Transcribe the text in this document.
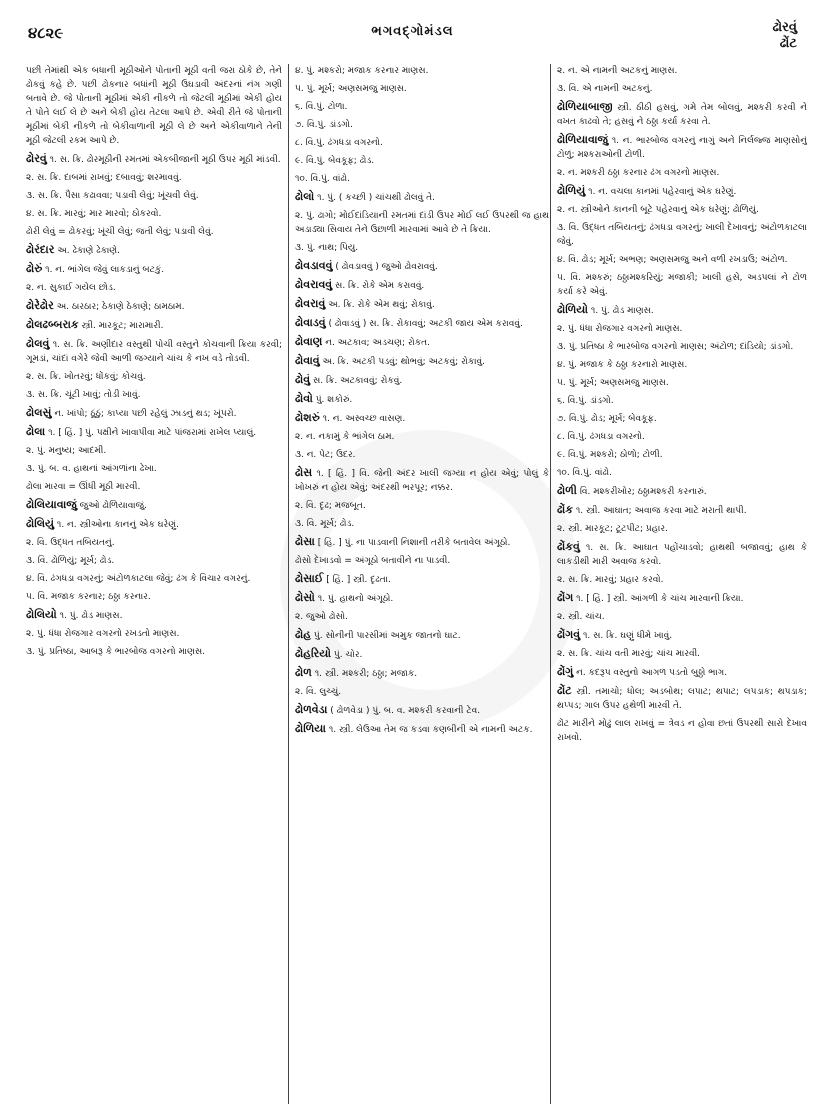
૪૮૨૯	ભગવદ્ગોમંડલ	ઢોરવું
ઢોંટ

પછી તેમાંથી એક બધાની મૂઠીઓને પોતાની મૂઠી વતી જરા ઠોકે છે, તેને ઢોકવું કહે છે. પછી ઢોકનાર બધાંની મૂઠી ઉઘડાવી અંદરનાં નંગ ગણી બતાવે છે. જે પોતાની મૂઠીમાં એકી નીકળે તો જેટલી મૂઠીમાં એકી હોય તે પોતે લઈ લે છે અને બેકી હોય તેટલા આપે છે. એવી રીતે જે પોતાની મૂઠીમાં બેકી નીકળે તો બેકીવાળાની મૂઠી લે છે અને એકીવાળાને તેની મૂઠી જેટલી રકમ આપે છે.

ઢોરવું ૧. સ. ક્રિ. ઢોરમૂઠીની રમતમાં એકબીજાની મૂઠી ઉપર મૂઠી માંડવી.

૨. સ. ક્રિ. દાબમાં રાખવું; દબાવવું; શરમાવવું.

૩. સ. ક્રિ. પૈસા કઢાવવા; પડાવી લેવું; ખૂંચવી લેવું.

૪. સ. ક્રિ. મારવું; માર મારવો; ઠોકરવો.

ઢોરી લેવું = ઢોકરવું; ખૂંચી લેવું; જતી લેવું; પડાવી લેવું.

ઢોરંદાર અ. ઢેકાણે ઢેકાણે.

ઢોરું ૧. ન. ભાંગેલ જેવું લાકડાનું બટકું.

૨. ન. સુકાઈ ગયેલ છોડ.

ઢોરેઢોર અ. ઠારઠાર; ઠેકાણે ઠેકાણે; ઠામઠામ.

ઢોલઢબ્બરાક સ્ત્રી. મારકૂટ; મારામારી.

ઢોલવું ૧. સ. ક્રિ. અણીદાર વસ્તુથી પોચી વસ્તુને કોચવાની ક્રિયા કરવી; ગૂમડાં, ચાંદાં વગેરે જેવી આળી જગ્યાને ચાંચ કે નખ વડે તોડવી.

૨. સ. ક્રિ. ખોતરવું; ધોંકવું; કોચવું.

૩. સ. ક્રિ. ચૂંટી ખાવું; તોડી ખાવું.

ઢોલસું ન. ખાંપો; ઠૂંઠું; કાપ્યા પછી રહેલું ઝાડનું થડ; ખૂંપરો.

ઢોલા ૧. [ હિં. ] પું. પક્ષીને ખાવાપીવા માટે પાંજરામાં રાખેલ પ્યાલું.

૨. પું. મનુષ્ય; આદમી.

૩. પું. બ. વ. હાથનાં આંગળાંના ઢેખા.

ઢોલા મારવા = ઊંધી મૂઠી મારવી.

ઢોલિયાવાજું જુઓ ઢોળિયાવાજું.

ઢોલિયું ૧. ન. સ્ત્રીઓના કાનનું એક ઘરેણું.

૨. વિ. ઉદ્ધત તબિયતનું.

૩. વિ. ઢોળિયું; મૂર્ખ; ઢોડ.

૪. વિ. ઢંગધડા વગરનું; અંટોળકાટલા જેવું; ઢંગ કે વિચાર વગરનું.

૫. વિ. મજાક કરનાર; ઠઠ્ઠા કરનાર.

ઢોલિયો ૧. પું. ઢોડ માણસ.

૨. પું. ધંધા રોજગાર વગરનો રખડતો માણસ.

૩. પું. પ્રતિષ્ઠા, આબરૂ કે ભારબોજ વગરનો માણસ.

૪. પું. મશ્કરો; મજાક કરનાર માણસ.

૫. પું. મૂર્ખ; અણસમજુ માણસ.

૬. વિ.પું. ટોળા.

૭. વિ.પું. ડાંડગો.

૮. વિ.પું. ઢંગધડા વગરનો.

૯. વિ.પું. બેવકૂફ; ઢોડ.

૧૦. વિ.પું. વાંઢો.

ઢોલો ૧. પું. ( કચ્છી ) ચાંચથી ઢોલવું તે.

૨. પું. ઢાગો; મોઈદાંડિયાની રમતમાં દાંડી ઉપર મોઈ લઈ ઉપરથી જ હાથ અડાડ્યા સિવાય તેને ઉછાળી મારવામાં આવે છે તે ક્રિયા.

૩. પું. નાથ; પિયુ.

ઢોવડાવવું ( ઢોવડાવવું ) જુઓ ઢોવરાવવું.

ઢોવરાવવું સ. ક્રિ. રોકે એમ કરાવવું.

ઢોવરાવું અ. ક્રિ. રોકે એમ થવું; રોકાવું.

ઢોવાડવું ( ઢોવાડવું ) સ. ક્રિ. રોકાવવું; અટકી જાય એમ કરાવવું.

ઢોવાણ ન. અટકાવ; અડચણ; રોકત.

ઢોવાવું અ. ક્રિ. અટકી પડવું; થોભવું; અટકવું; રોકાવું.

ઢોવું સ. ક્રિ. અટકાવવું; રોકવું.

ઢોવો પું. શકોરું.

ઢોશરું ૧. ન. અસ્વચ્છ વાસણ.

૨. ન. નકામું કે ભાંગેલ ઠામ.

૩. ન. પેટ; ઉદર.

ઢોસ ૧. [ હિં. ] વિ. જેની અંદર ખાલી જગ્યા ન હોય એવું; પોલું કે ખોખરું ન હોય એવું; અંદરથી ભરપૂર; નક્કર.

૨. વિ. દૃઢ; મજબૂત.

૩. વિ. મૂર્ખ; ઢોડ.

ઢોસા [ હિં. ] પું. ના પાડવાની નિશાની તરીકે બતાવેલ અંગૂઠો.

ઢોસો દેખાડવો = અંગૂઠો બતાવીને ના પાડવી.

ઢોસાઈ [ હિં. ] સ્ત્રી. દૃઢતા.

ઢોસો ૧. પું. હાથનો અંગૂઠો.

૨. જુઓ ઢોસો.

ઢોહ પું. સોનીની પારસીમાં અમુક જાતનો ઘાટ.

ઢોહરિયો પું. ચોર.

ઢોળ ૧. સ્ત્રી. મશ્કરી; ઠઠ્ઠા; મજાક.

૨. વિ. લુચ્ચું.

ઢોળવેડા ( ઢોળવેડા ) પું. બ. વ. મશ્કરી કરવાની ટેવ.

ઢોળિયા ૧. સ્ત્રી. લેઉઆ તેમ જ કડવા કણબીની એ નામની અટક.

૨. ન. એ નામની અટકનું માણસ.

૩. વિ. એ નામની અટકનું.

ઢોળિયાબાજી સ્ત્રી. ઠીઠી હસવું, ગમે તેમ બોલવું, મશ્કરી કરવી ને વખત કાઢવો તે; હસવું ને ઠઠ્ઠા કર્યા કરવા તે.

ઢોળિયાવાજું ૧. ન. ભારબોજ વગરનું નાગું અને નિર્લજ્જ માણસોનું ટોળું; મશ્કરાઓની ટોળી.

૨. ન. મશ્કરી ઠઠ્ઠા કરનાર ઢંગ વગરનો માણસ.

ઢોળિયું ૧. ન. વચલા કાનમાં પહેરવાનું એક ઘરેણું.

૨. ન. સ્ત્રીઓને કાનની બૂટે પહેરવાનું એક ઘરેણું; ઢોળિયું.

૩. વિ. ઉદ્ધત તબિયતનું; ઢંગધડા વગરનું; ખાલી દેખાવનું; અંટોળકાટલા જેવું.

૪. વિ. ઢોડ; મૂર્ખ; અભણ; અણસમજુ અને વળી રખડાઉ; અંટોળ.

૫. વિ. મશ્કરું; ઠઠ્ઠામશ્કરિયું; મજાકી; ખાલી હસે, અડપલાં ને ટોળ કર્યા કરે એવું.

ઢોળિયો ૧. પું. ઢોડ માણસ.

૨. પું. ધંધા રોજગાર વગરનો માણસ.

૩. પું. પ્રતિષ્ઠા કે ભારબોજ વગરનો માણસ; અંટોળ; દાંડિયો; ડાંડગો.

૪. પું. મજાક કે ઠઠ્ઠા કરનારો માણસ.

૫. પું. મૂર્ખ; અણસમજુ માણસ.

૬. વિ.પું. ડાંડગો.

૭. વિ.પું. ઢોડ; મૂર્ખ; બેવકૂફ.

૮. વિ.પું. ઢંગધડા વગરનો.

૯. વિ.પું. મશ્કરો; ઠોળો; ટોળી.

૧૦. વિ.પું. વાંઢો.

ઢોળી વિ. મશ્કરીખોર; ઠઠ્ઠામશ્કરી કરનારું.

ઢોંક ૧. સ્ત્રી. આઘાત; અવાજ કરવા માટે મરાતી થાપી.

૨. સ્ત્રી. મારકૂટ; ટૂટપીટ; પ્રહાર.

ઢોંકવું ૧. સ. ક્રિ. આઘાત પહોંચાડવો; હાથથી બજાવવું; હાથ કે લાકડીથી મારી અવાજ કરવો.

૨. સ. ક્રિ. મારવું; પ્રહાર કરવો.

ઢોંગ ૧. [ હિં. ] સ્ત્રી. આંગળી કે ચાંચ મારવાની ક્રિયા.

૨. સ્ત્રી. ચાંચ.

ઢોંગવું ૧. સ. ક્રિ. ઘણું ધીમે ખાવું.

૨. સ. ક્રિ. ચાંચ વતી મારવું; ચાંચ મારવી.

ઢોંગું ન. કદરૂપ વસ્તુનો આગળ પડતો બુઠ્ઠો ભાગ.

ઢોંટ સ્ત્રી. તમાચો; ધોલ; અડબોથ; લપાટ; થપાટ; લપડાક; થપડાક; થપ્પડ; ગાલ ઉપર હથેળી મારવી તે.

ઢોંટ મારીને મોઢું લાલ રાખવું = ત્રેવડ ન હોવા છતાં ઉપરથી સારો દેખાવ રાખવો.
